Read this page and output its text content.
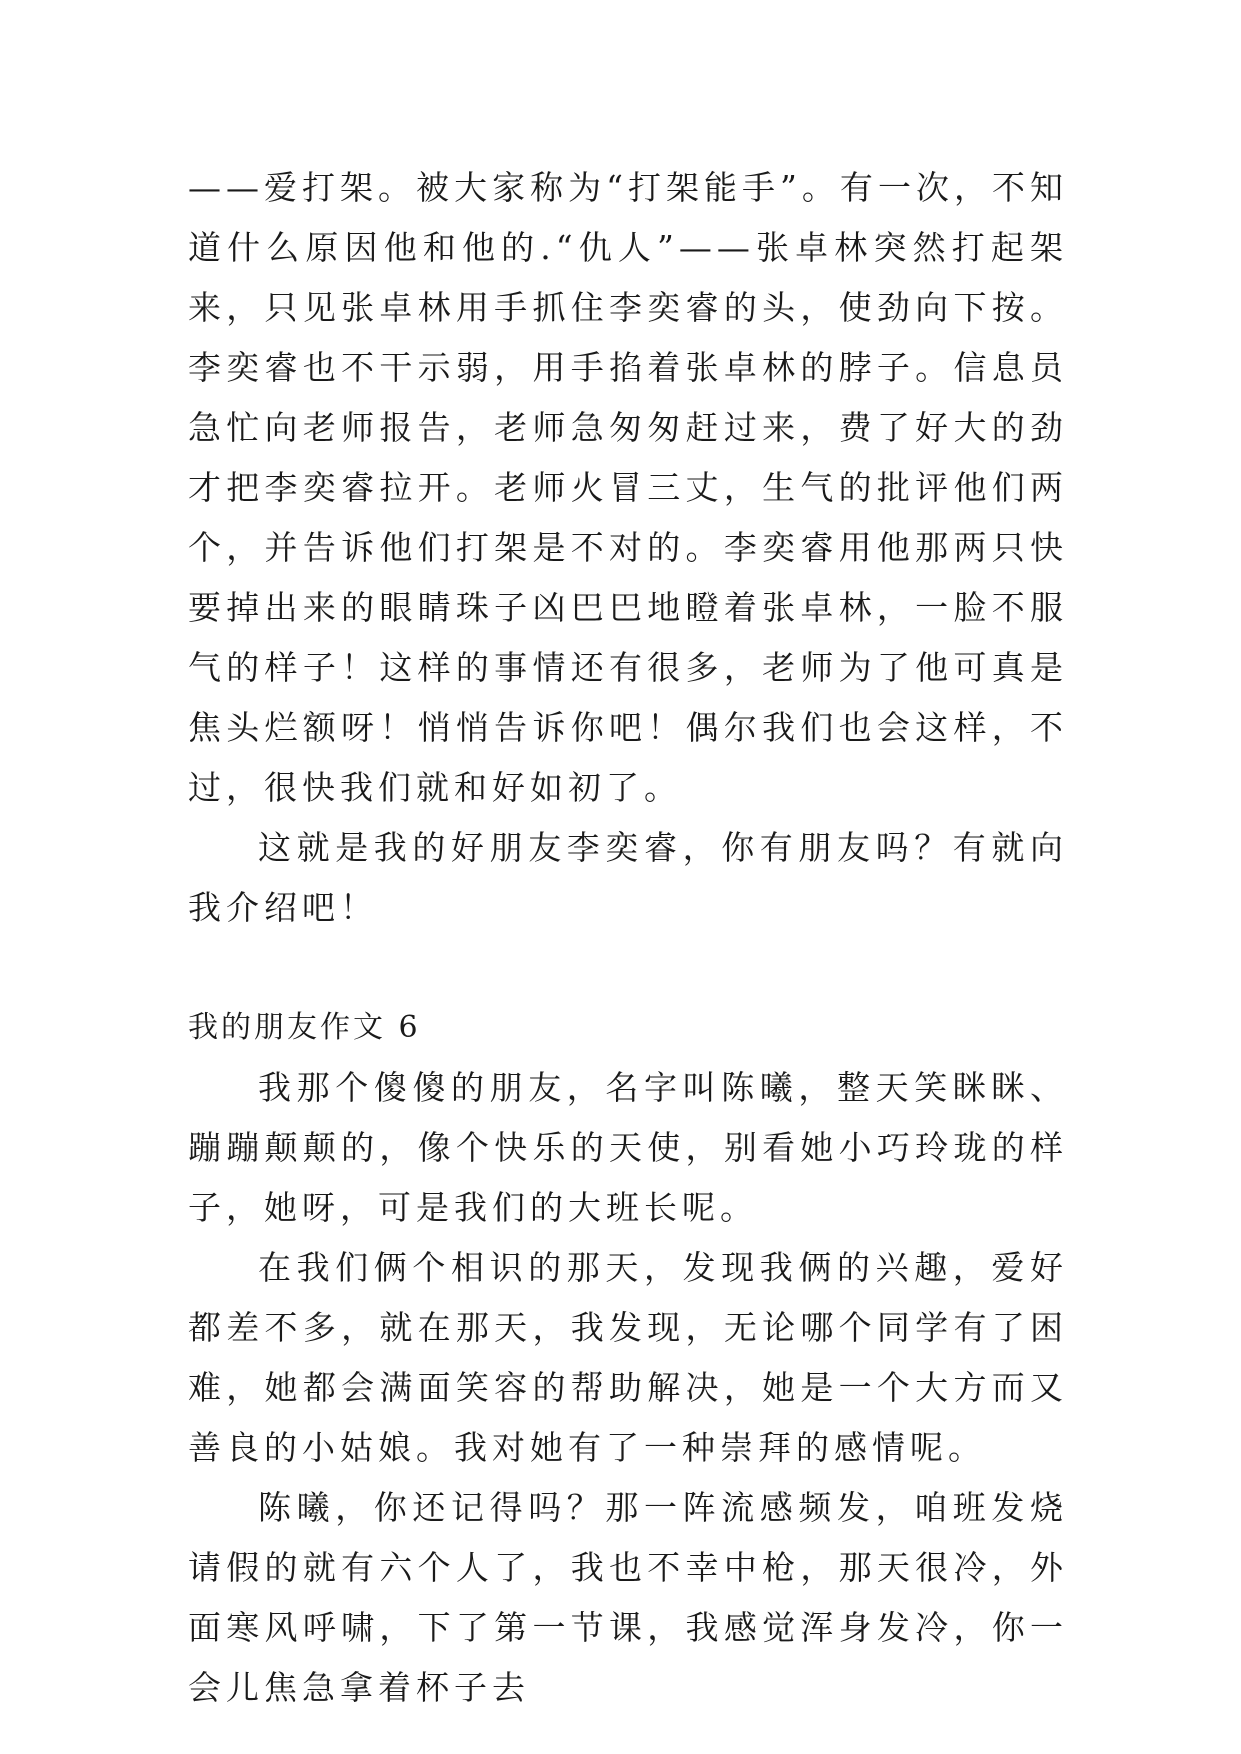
——爱打架。被大家称为“打架能手”。有一次，不知道什么原因他和他的.“仇人”——张卓林突然打起架来，只见张卓林用手抓住李奕睿的头，使劲向下按。李奕睿也不干示弱，用手掐着张卓林的脖子。信息员急忙向老师报告，老师急匆匆赶过来，费了好大的劲才把李奕睿拉开。老师火冒三丈，生气的批评他们两个，并告诉他们打架是不对的。李奕睿用他那两只快要掉出来的眼睛珠子凶巴巴地瞪着张卓林，一脸不服气的样子！这样的事情还有很多，老师为了他可真是焦头烂额呀！悄悄告诉你吧！偶尔我们也会这样，不过，很快我们就和好如初了。

这就是我的好朋友李奕睿，你有朋友吗？有就向我介绍吧！

我的朋友作文 6

我那个傻傻的朋友，名字叫陈曦，整天笑眯眯、蹦蹦颠颠的，像个快乐的天使，别看她小巧玲珑的样子，她呀，可是我们的大班长呢。

在我们俩个相识的那天，发现我俩的兴趣，爱好都差不多，就在那天，我发现，无论哪个同学有了困难，她都会满面笑容的帮助解决，她是一个大方而又善良的小姑娘。我对她有了一种崇拜的感情呢。

陈曦，你还记得吗？那一阵流感频发，咱班发烧请假的就有六个人了，我也不幸中枪，那天很冷，外面寒风呼啸，下了第一节课，我感觉浑身发冷，你一会儿焦急拿着杯子去
